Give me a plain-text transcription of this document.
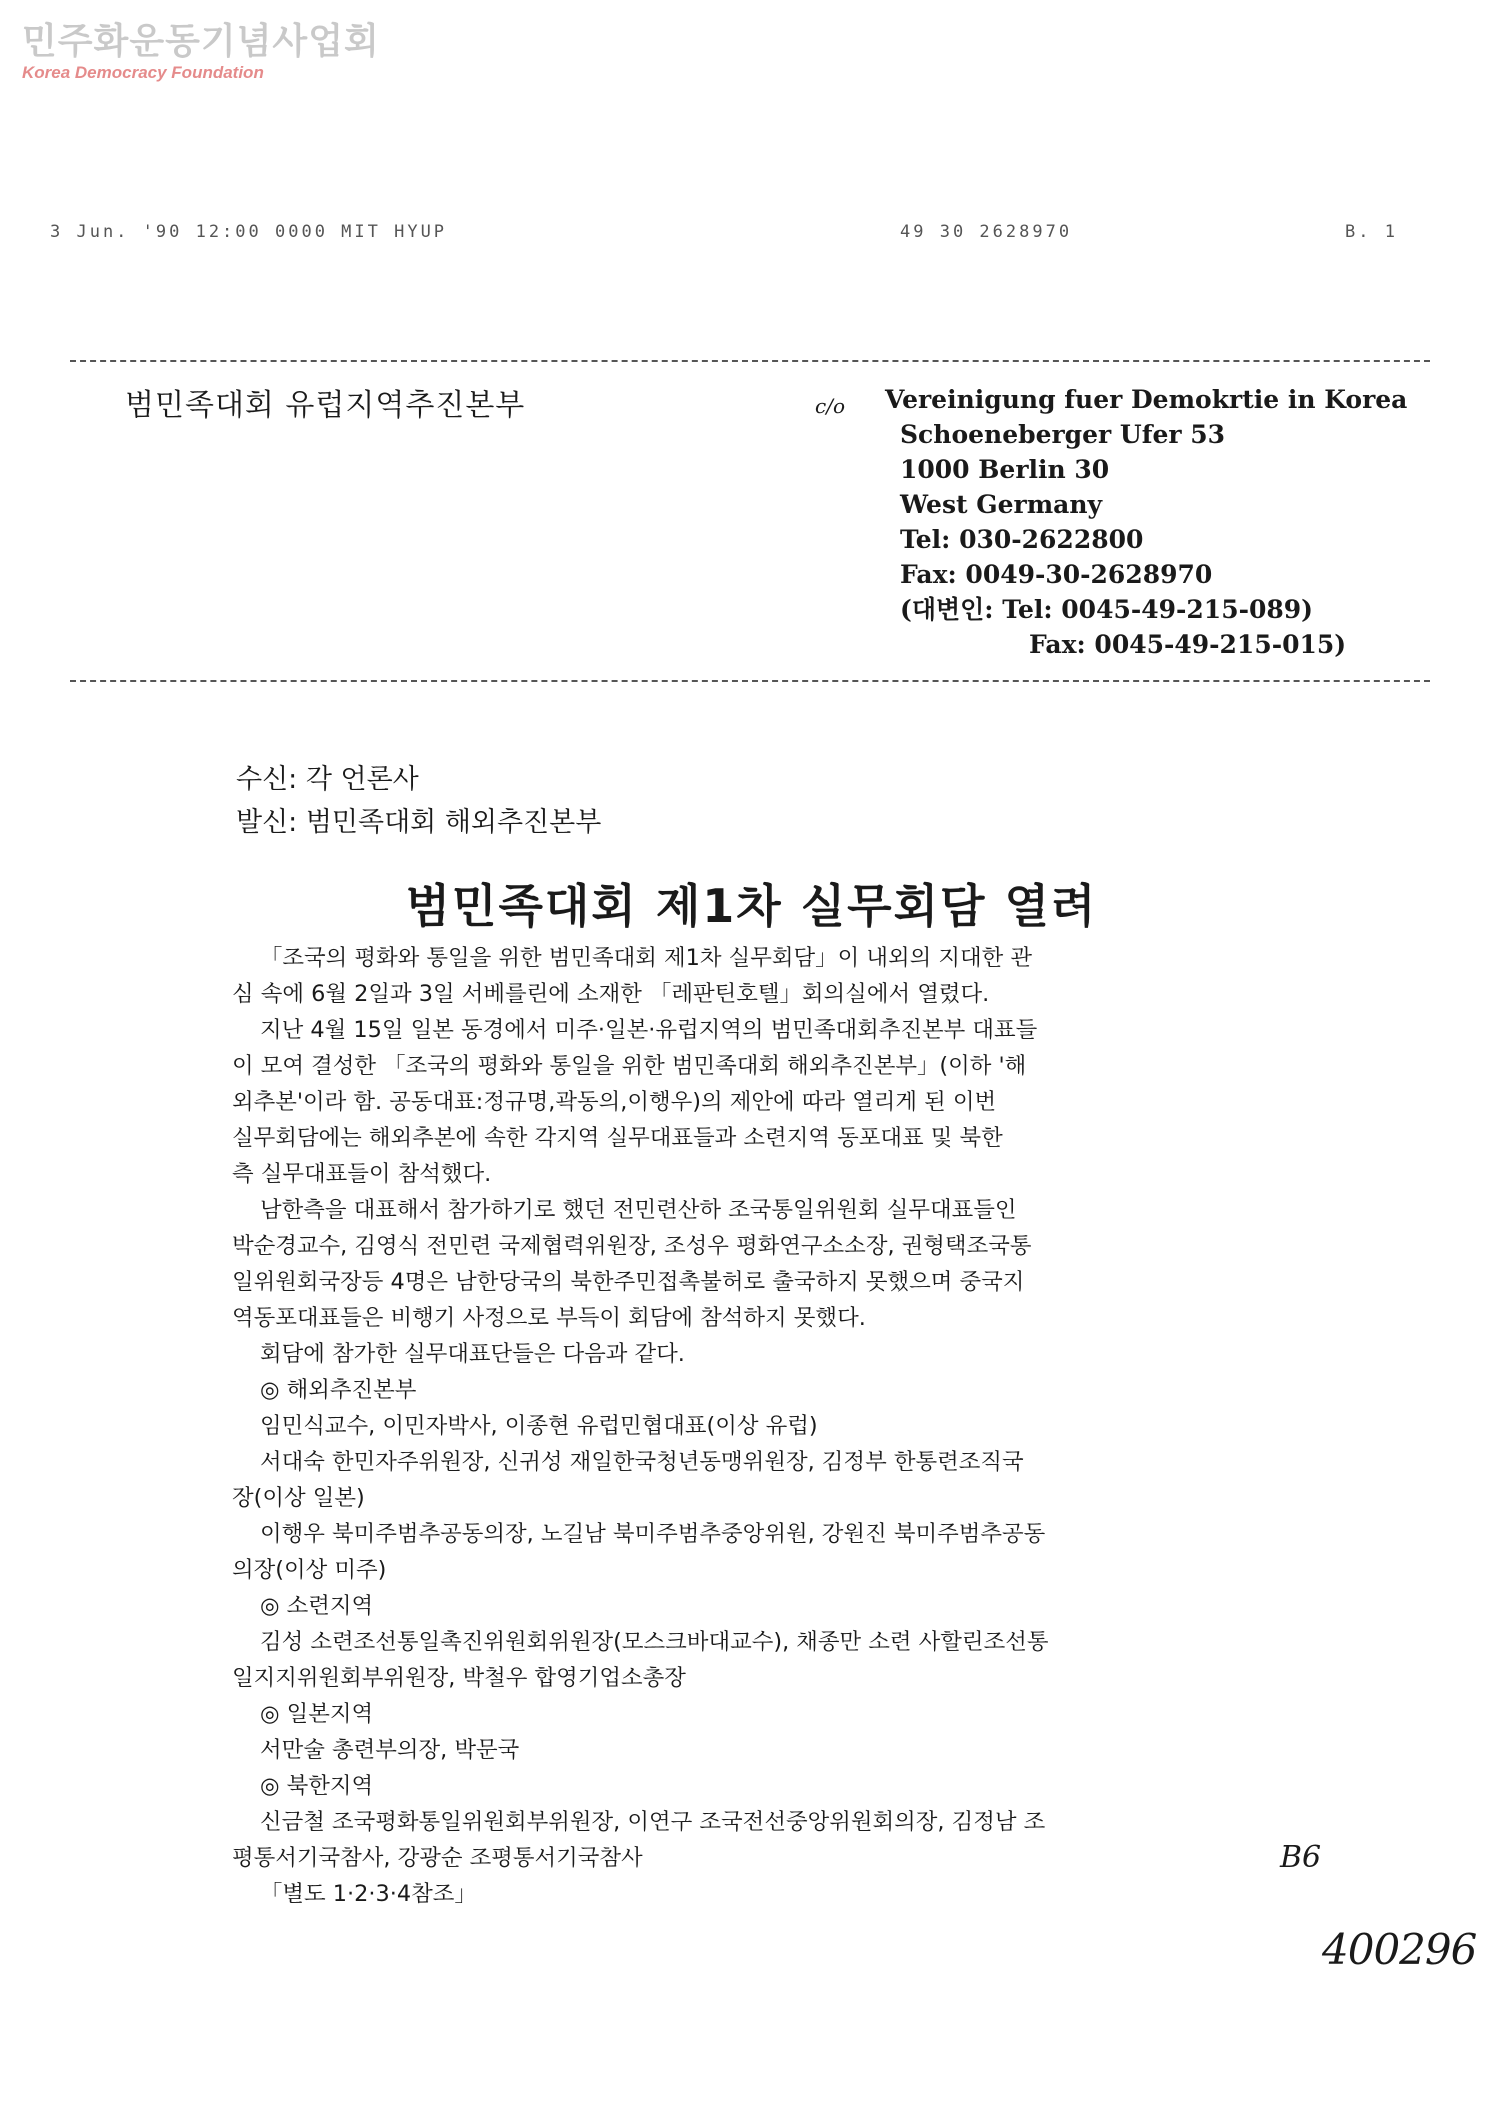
민주화운동기념사업회
Korea Democracy Foundation
3 Jun. '90 12:00 0000 MIT HYUP	49 30 2628970	B. 1
범민족대회 유럽지역추진본부	c/o Vereinigung fuer Demokrtie in Korea
Schoeneberger Ufer 53
1000 Berlin 30
West Germany
Tel: 030-2622800
Fax: 0049-30-2628970
(대변인: Tel: 0045-49-215-089)
Fax: 0045-49-215-015)
수신: 각 언론사
발신: 범민족대회 해외추진본부
범민족대회 제1차 실무회담 열려
「조국의 평화와 통일을 위한 범민족대회 제1차 실무회담」이 내외의 지대한 관
심 속에 6월 2일과 3일 서베를린에 소재한 「레판틴호텔」회의실에서 열렸다.
지난 4월 15일 일본 동경에서 미주·일본·유럽지역의 범민족대회추진본부 대표들
이 모여 결성한 「조국의 평화와 통일을 위한 범민족대회 해외추진본부」(이하 '해
외추본'이라 함. 공동대표:정규명,곽동의,이행우)의 제안에 따라 열리게 된 이번
실무회담에는 해외추본에 속한 각지역 실무대표들과 소련지역 동포대표 및 북한
측 실무대표들이 참석했다.
남한측을 대표해서 참가하기로 했던 전민련산하 조국통일위원회 실무대표들인
박순경교수, 김영식 전민련 국제협력위원장, 조성우 평화연구소소장, 권형택조국통
일위원회국장등 4명은 남한당국의 북한주민접촉불허로 출국하지 못했으며 중국지
역동포대표들은 비행기 사정으로 부득이 회담에 참석하지 못했다.
회담에 참가한 실무대표단들은 다음과 같다.
◎ 해외추진본부
임민식교수, 이민자박사, 이종현 유럽민협대표(이상 유럽)
서대숙 한민자주위원장, 신귀성 재일한국청년동맹위원장, 김정부 한통련조직국
장(이상 일본)
이행우 북미주범추공동의장, 노길남 북미주범추중앙위원, 강원진 북미주범추공동
의장(이상 미주)
◎ 소련지역
김성 소련조선통일촉진위원회위원장(모스크바대교수), 채종만 소련 사할린조선통
일지지위원회부위원장, 박철우 합영기업소총장
◎ 일본지역
서만술 총련부의장, 박문국
◎ 북한지역
신금철 조국평화통일위원회부위원장, 이연구 조국전선중앙위원회의장, 김정남 조
평통서기국참사, 강광순 조평통서기국참사
「별도 1·2·3·4참조」
B6
400296
